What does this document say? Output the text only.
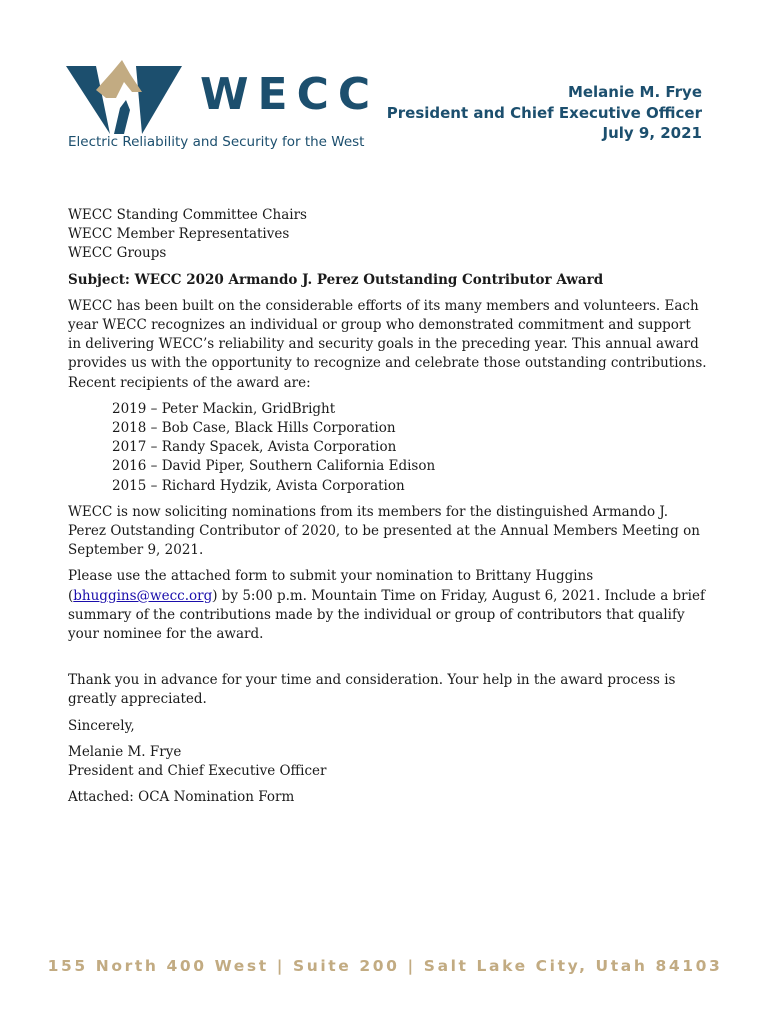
WECC
Electric Reliability and Security for the West
Melanie M. Frye
President and Chief Executive Officer
July 9, 2021
WECC Standing Committee Chairs
WECC Member Representatives
WECC Groups

Subject: WECC 2020 Armando J. Perez Outstanding Contributor Award

WECC has been built on the considerable efforts of its many members and volunteers. Each year WECC recognizes an individual or group who demonstrated commitment and support in delivering WECC’s reliability and security goals in the preceding year. This annual award provides us with the opportunity to recognize and celebrate those outstanding contributions. Recent recipients of the award are:

2019 – Peter Mackin, GridBright
2018 – Bob Case, Black Hills Corporation
2017 – Randy Spacek, Avista Corporation
2016 – David Piper, Southern California Edison
2015 – Richard Hydzik, Avista Corporation

WECC is now soliciting nominations from its members for the distinguished Armando J. Perez Outstanding Contributor of 2020, to be presented at the Annual Members Meeting on September 9, 2021.

Please use the attached form to submit your nomination to Brittany Huggins (bhuggins@wecc.org) by 5:00 p.m. Mountain Time on Friday, August 6, 2021. Include a brief summary of the contributions made by the individual or group of contributors that qualify your nominee for the award.

Thank you in advance for your time and consideration. Your help in the award process is greatly appreciated.

Sincerely,

Melanie M. Frye
President and Chief Executive Officer

Attached: OCA Nomination Form

155 North 400 West | Suite 200 | Salt Lake City, Utah 84103
